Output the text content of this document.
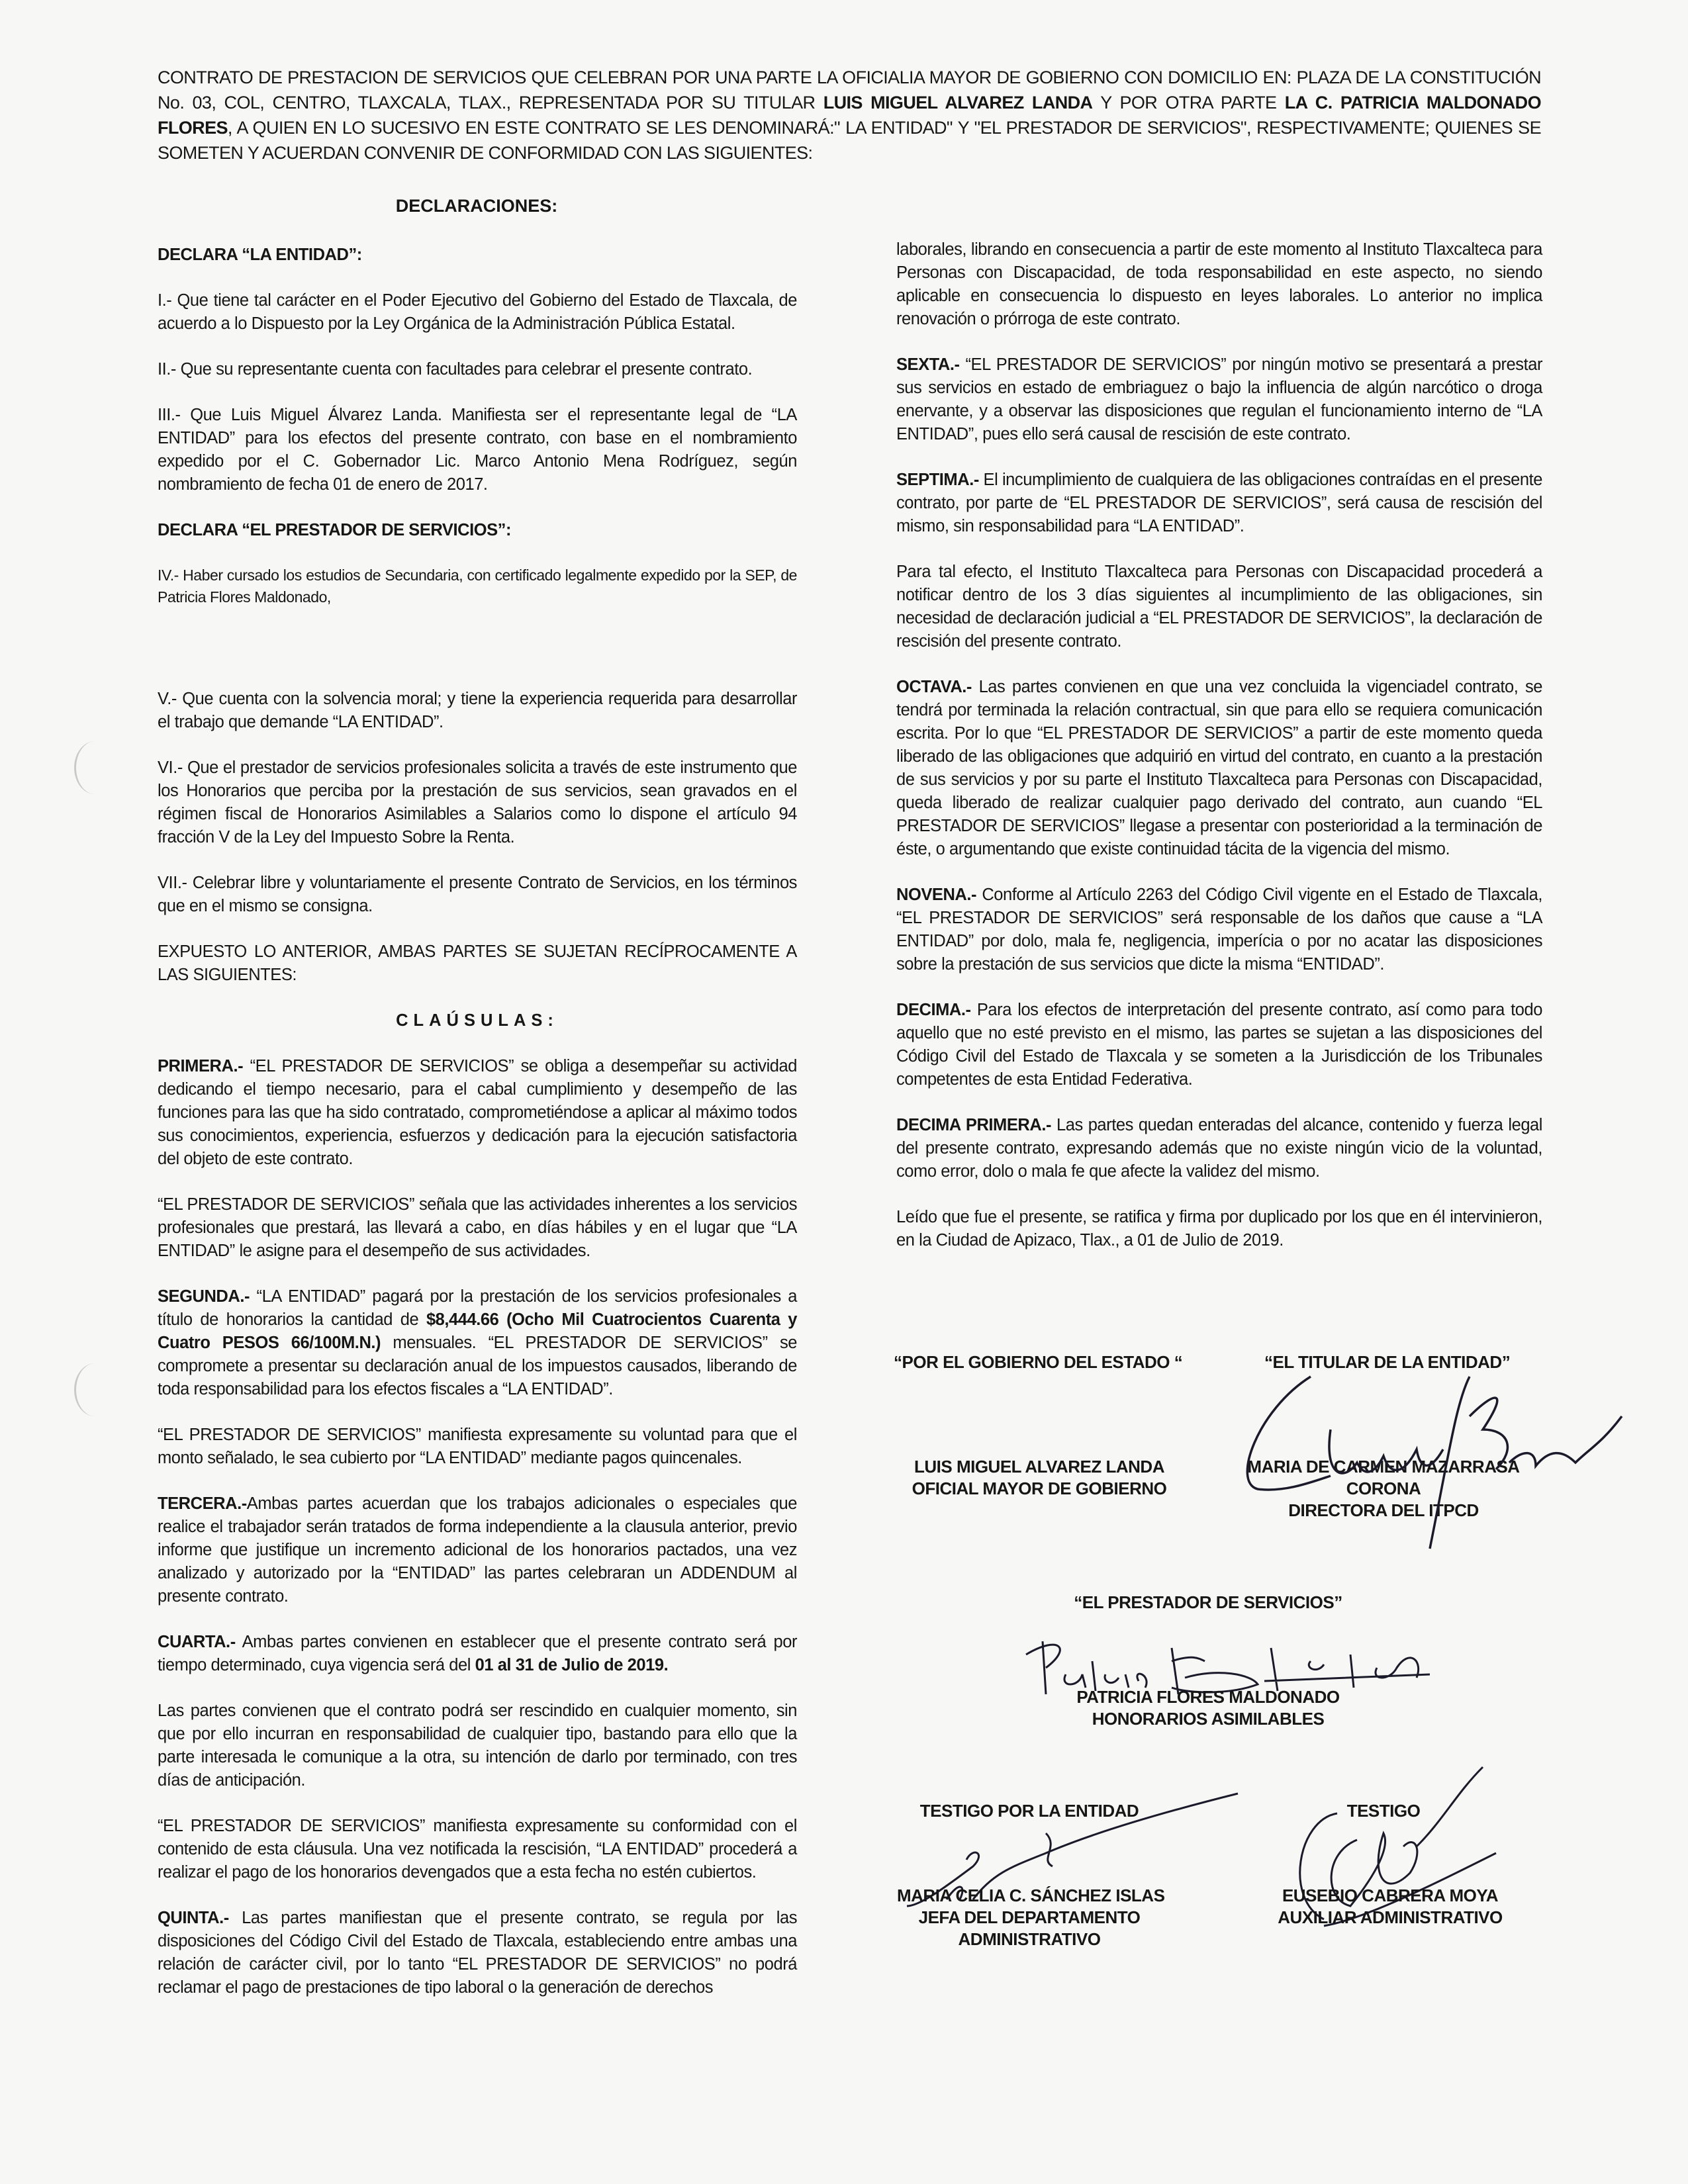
CONTRATO DE PRESTACION DE SERVICIOS QUE CELEBRAN POR UNA PARTE LA OFICIALIA MAYOR DE GOBIERNO CON DOMICILIO EN: PLAZA DE LA CONSTITUCIÓN No. 03, COL, CENTRO, TLAXCALA, TLAX., REPRESENTADA POR SU TITULAR LUIS MIGUEL ALVAREZ LANDA Y POR OTRA PARTE LA C. PATRICIA MALDONADO FLORES, A QUIEN EN LO SUCESIVO EN ESTE CONTRATO SE LES DENOMINARÁ:" LA ENTIDAD" Y "EL PRESTADOR DE SERVICIOS", RESPECTIVAMENTE; QUIENES SE SOMETEN Y ACUERDAN CONVENIR DE CONFORMIDAD CON LAS SIGUIENTES:
DECLARACIONES:

DECLARA “LA ENTIDAD”:

I.- Que tiene tal carácter en el Poder Ejecutivo del Gobierno del Estado de Tlaxcala, de acuerdo a lo Dispuesto por la Ley Orgánica de la Administración Pública Estatal.

II.- Que su representante cuenta con facultades para celebrar el presente contrato.

III.- Que Luis Miguel Álvarez Landa. Manifiesta ser el representante legal de “LA ENTIDAD” para los efectos del presente contrato, con base en el nombramiento expedido por el C. Gobernador Lic. Marco Antonio Mena Rodríguez, según nombramiento de fecha 01 de enero de 2017.

DECLARA “EL PRESTADOR DE SERVICIOS”:

IV.- Haber cursado los estudios de Secundaria, con certificado legalmente expedido por la SEP, de Patricia Flores Maldonado,

V.- Que cuenta con la solvencia moral; y tiene la experiencia requerida para desarrollar el trabajo que demande “LA ENTIDAD”.

VI.- Que el prestador de servicios profesionales solicita a través de este instrumento que los Honorarios que perciba por la prestación de sus servicios, sean gravados en el régimen fiscal de Honorarios Asimilables a Salarios como lo dispone el artículo 94 fracción V de la Ley del Impuesto Sobre la Renta.

VII.- Celebrar libre y voluntariamente el presente Contrato de Servicios, en los términos que en el mismo se consigna.

EXPUESTO LO ANTERIOR, AMBAS PARTES SE SUJETAN RECÍPROCAMENTE A LAS SIGUIENTES:

CLAÚSULAS:

PRIMERA.- “EL PRESTADOR DE SERVICIOS” se obliga a desempeñar su actividad dedicando el tiempo necesario, para el cabal cumplimiento y desempeño de las funciones para las que ha sido contratado, comprometiéndose a aplicar al máximo todos sus conocimientos, experiencia, esfuerzos y dedicación para la ejecución satisfactoria del objeto de este contrato.

“EL PRESTADOR DE SERVICIOS” señala que las actividades inherentes a los servicios profesionales que prestará, las llevará a cabo, en días hábiles y en el lugar que “LA ENTIDAD” le asigne para el desempeño de sus actividades.

SEGUNDA.- “LA ENTIDAD” pagará por la prestación de los servicios profesionales a título de honorarios la cantidad de $8,444.66 (Ocho Mil Cuatrocientos Cuarenta y Cuatro PESOS 66/100M.N.) mensuales. “EL PRESTADOR DE SERVICIOS” se compromete a presentar su declaración anual de los impuestos causados, liberando de toda responsabilidad para los efectos fiscales a “LA ENTIDAD”.

“EL PRESTADOR DE SERVICIOS” manifiesta expresamente su voluntad para que el monto señalado, le sea cubierto por “LA ENTIDAD” mediante pagos quincenales.

TERCERA.-Ambas partes acuerdan que los trabajos adicionales o especiales que realice el trabajador serán tratados de forma independiente a la clausula anterior, previo informe que justifique un incremento adicional de los honorarios pactados, una vez analizado y autorizado por la “ENTIDAD” las partes celebraran un ADDENDUM al presente contrato.

CUARTA.- Ambas partes convienen en establecer que el presente contrato será por tiempo determinado, cuya vigencia será del 01 al 31 de Julio de 2019.

Las partes convienen que el contrato podrá ser rescindido en cualquier momento, sin que por ello incurran en responsabilidad de cualquier tipo, bastando para ello que la parte interesada le comunique a la otra, su intención de darlo por terminado, con tres días de anticipación.

“EL PRESTADOR DE SERVICIOS” manifiesta expresamente su conformidad con el contenido de esta cláusula. Una vez notificada la rescisión, “LA ENTIDAD” procederá a realizar el pago de los honorarios devengados que a esta fecha no estén cubiertos.

QUINTA.- Las partes manifiestan que el presente contrato, se regula por las disposiciones del Código Civil del Estado de Tlaxcala, estableciendo entre ambas una relación de carácter civil, por lo tanto “EL PRESTADOR DE SERVICIOS” no podrá reclamar el pago de prestaciones de tipo laboral o la generación de derechos

laborales, librando en consecuencia a partir de este momento al Instituto Tlaxcalteca para Personas con Discapacidad, de toda responsabilidad en este aspecto, no siendo aplicable en consecuencia lo dispuesto en leyes laborales. Lo anterior no implica renovación o prórroga de este contrato.

SEXTA.- “EL PRESTADOR DE SERVICIOS” por ningún motivo se presentará a prestar sus servicios en estado de embriaguez o bajo la influencia de algún narcótico o droga enervante, y a observar las disposiciones que regulan el funcionamiento interno de “LA ENTIDAD”, pues ello será causal de rescisión de este contrato.

SEPTIMA.- El incumplimiento de cualquiera de las obligaciones contraídas en el presente contrato, por parte de “EL PRESTADOR DE SERVICIOS”, será causa de rescisión del mismo, sin responsabilidad para “LA ENTIDAD”.

Para tal efecto, el Instituto Tlaxcalteca para Personas con Discapacidad procederá a notificar dentro de los 3 días siguientes al incumplimiento de las obligaciones, sin necesidad de declaración judicial a “EL PRESTADOR DE SERVICIOS”, la declaración de rescisión del presente contrato.

OCTAVA.- Las partes convienen en que una vez concluida la vigenciadel contrato, se tendrá por terminada la relación contractual, sin que para ello se requiera comunicación escrita. Por lo que “EL PRESTADOR DE SERVICIOS” a partir de este momento queda liberado de las obligaciones que adquirió en virtud del contrato, en cuanto a la prestación de sus servicios y por su parte el Instituto Tlaxcalteca para Personas con Discapacidad, queda liberado de realizar cualquier pago derivado del contrato, aun cuando “EL PRESTADOR DE SERVICIOS” llegase a presentar con posterioridad a la terminación de éste, o argumentando que existe continuidad tácita de la vigencia del mismo.

NOVENA.- Conforme al Artículo 2263 del Código Civil vigente en el Estado de Tlaxcala, “EL PRESTADOR DE SERVICIOS” será responsable de los daños que cause a “LA ENTIDAD” por dolo, mala fe, negligencia, imperícia o por no acatar las disposiciones sobre la prestación de sus servicios que dicte la misma “ENTIDAD”.

DECIMA.- Para los efectos de interpretación del presente contrato, así como para todo aquello que no esté previsto en el mismo, las partes se sujetan a las disposiciones del Código Civil del Estado de Tlaxcala y se someten a la Jurisdicción de los Tribunales competentes de esta Entidad Federativa.

DECIMA PRIMERA.- Las partes quedan enteradas del alcance, contenido y fuerza legal del presente contrato, expresando además que no existe ningún vicio de la voluntad, como error, dolo o mala fe que afecte la validez del mismo.

Leído que fue el presente, se ratifica y firma por duplicado por los que en él intervinieron, en la Ciudad de Apizaco, Tlax., a 01 de Julio de 2019.

“POR EL GOBIERNO DEL ESTADO “	“EL TITULAR DE LA ENTIDAD”
LUIS MIGUEL ALVAREZ LANDA
OFICIAL MAYOR DE GOBIERNO
MARIA DE CARMEN MAZARRASA
CORONA
DIRECTORA DEL ITPCD
“EL PRESTADOR DE SERVICIOS”
PATRICIA FLORES MALDONADO
HONORARIOS ASIMILABLES
TESTIGO POR LA ENTIDAD
MARIA CELIA C. SÁNCHEZ ISLAS
JEFA DEL DEPARTAMENTO
ADMINISTRATIVO
TESTIGO
EUSEBIO CABRERA MOYA
AUXILIAR ADMINISTRATIVO
